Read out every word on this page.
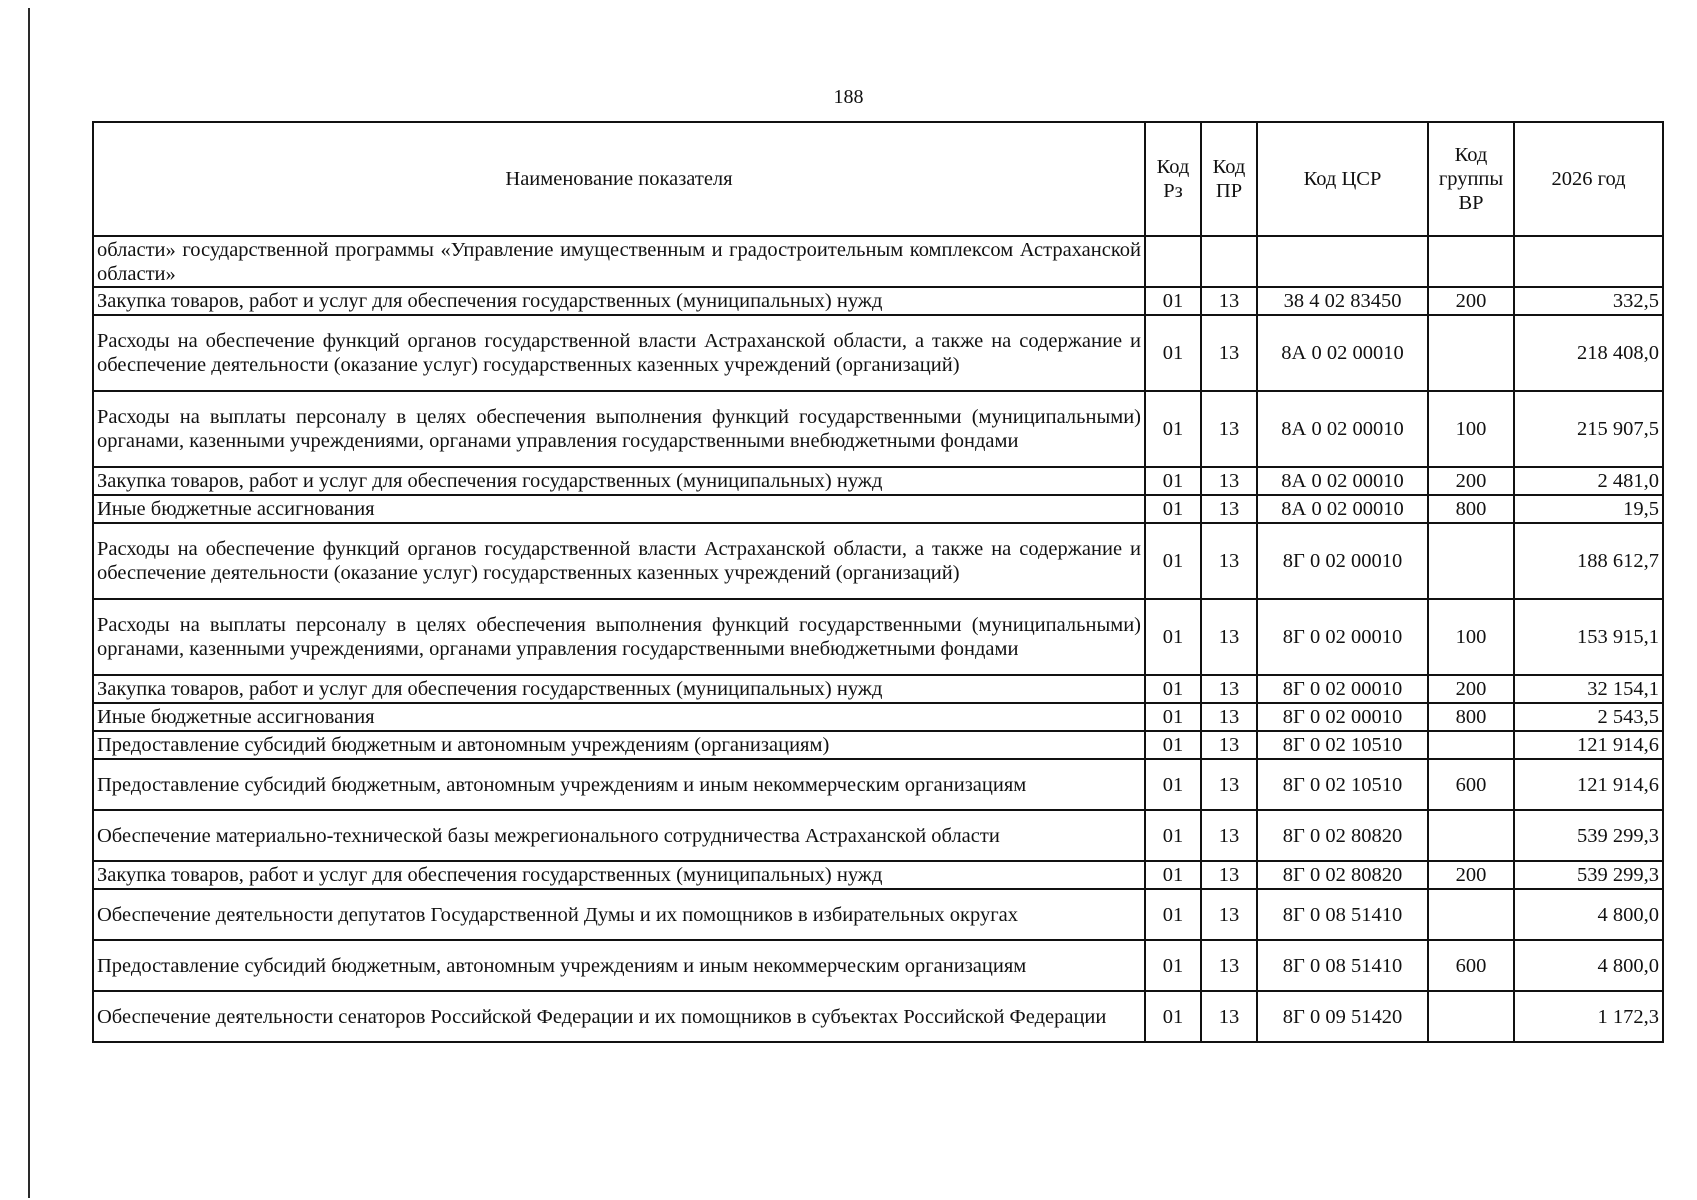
188
Наименование показателя	Код Рз	Код ПР	Код ЦСР	Код группы ВР	2026 год
области» государственной программы «Управление имущественным и градостроительным комплексом Астраханской области»					
Закупка товаров, работ и услуг для обеспечения государственных (муниципальных) нужд	01	13	38 4 02 83450	200	332,5
Расходы на обеспечение функций органов государственной власти Астраханской области, а также на содержание и обеспечение деятельности (оказание услуг) государственных казенных учреждений (организаций)	01	13	8А 0 02 00010		218 408,0
Расходы на выплаты персоналу в целях обеспечения выполнения функций государственными (муниципальными) органами, казенными учреждениями, органами управления государственными внебюджетными фондами	01	13	8А 0 02 00010	100	215 907,5
Закупка товаров, работ и услуг для обеспечения государственных (муниципальных) нужд	01	13	8А 0 02 00010	200	2 481,0
Иные бюджетные ассигнования	01	13	8А 0 02 00010	800	19,5
Расходы на обеспечение функций органов государственной власти Астраханской области, а также на содержание и обеспечение деятельности (оказание услуг) государственных казенных учреждений (организаций)	01	13	8Г 0 02 00010		188 612,7
Расходы на выплаты персоналу в целях обеспечения выполнения функций государственными (муниципальными) органами, казенными учреждениями, органами управления государственными внебюджетными фондами	01	13	8Г 0 02 00010	100	153 915,1
Закупка товаров, работ и услуг для обеспечения государственных (муниципальных) нужд	01	13	8Г 0 02 00010	200	32 154,1
Иные бюджетные ассигнования	01	13	8Г 0 02 00010	800	2 543,5
Предоставление субсидий бюджетным и автономным учреждениям (организациям)	01	13	8Г 0 02 10510		121 914,6
Предоставление субсидий бюджетным, автономным учреждениям и иным некоммерческим организациям	01	13	8Г 0 02 10510	600	121 914,6
Обеспечение материально-технической базы межрегионального сотрудничества Астраханской области	01	13	8Г 0 02 80820		539 299,3
Закупка товаров, работ и услуг для обеспечения государственных (муниципальных) нужд	01	13	8Г 0 02 80820	200	539 299,3
Обеспечение деятельности депутатов Государственной Думы и их помощников в избирательных округах	01	13	8Г 0 08 51410		4 800,0
Предоставление субсидий бюджетным, автономным учреждениям и иным некоммерческим организациям	01	13	8Г 0 08 51410	600	4 800,0
Обеспечение деятельности сенаторов Российской Федерации и их помощников в субъектах Российской Федерации	01	13	8Г 0 09 51420		1 172,3
